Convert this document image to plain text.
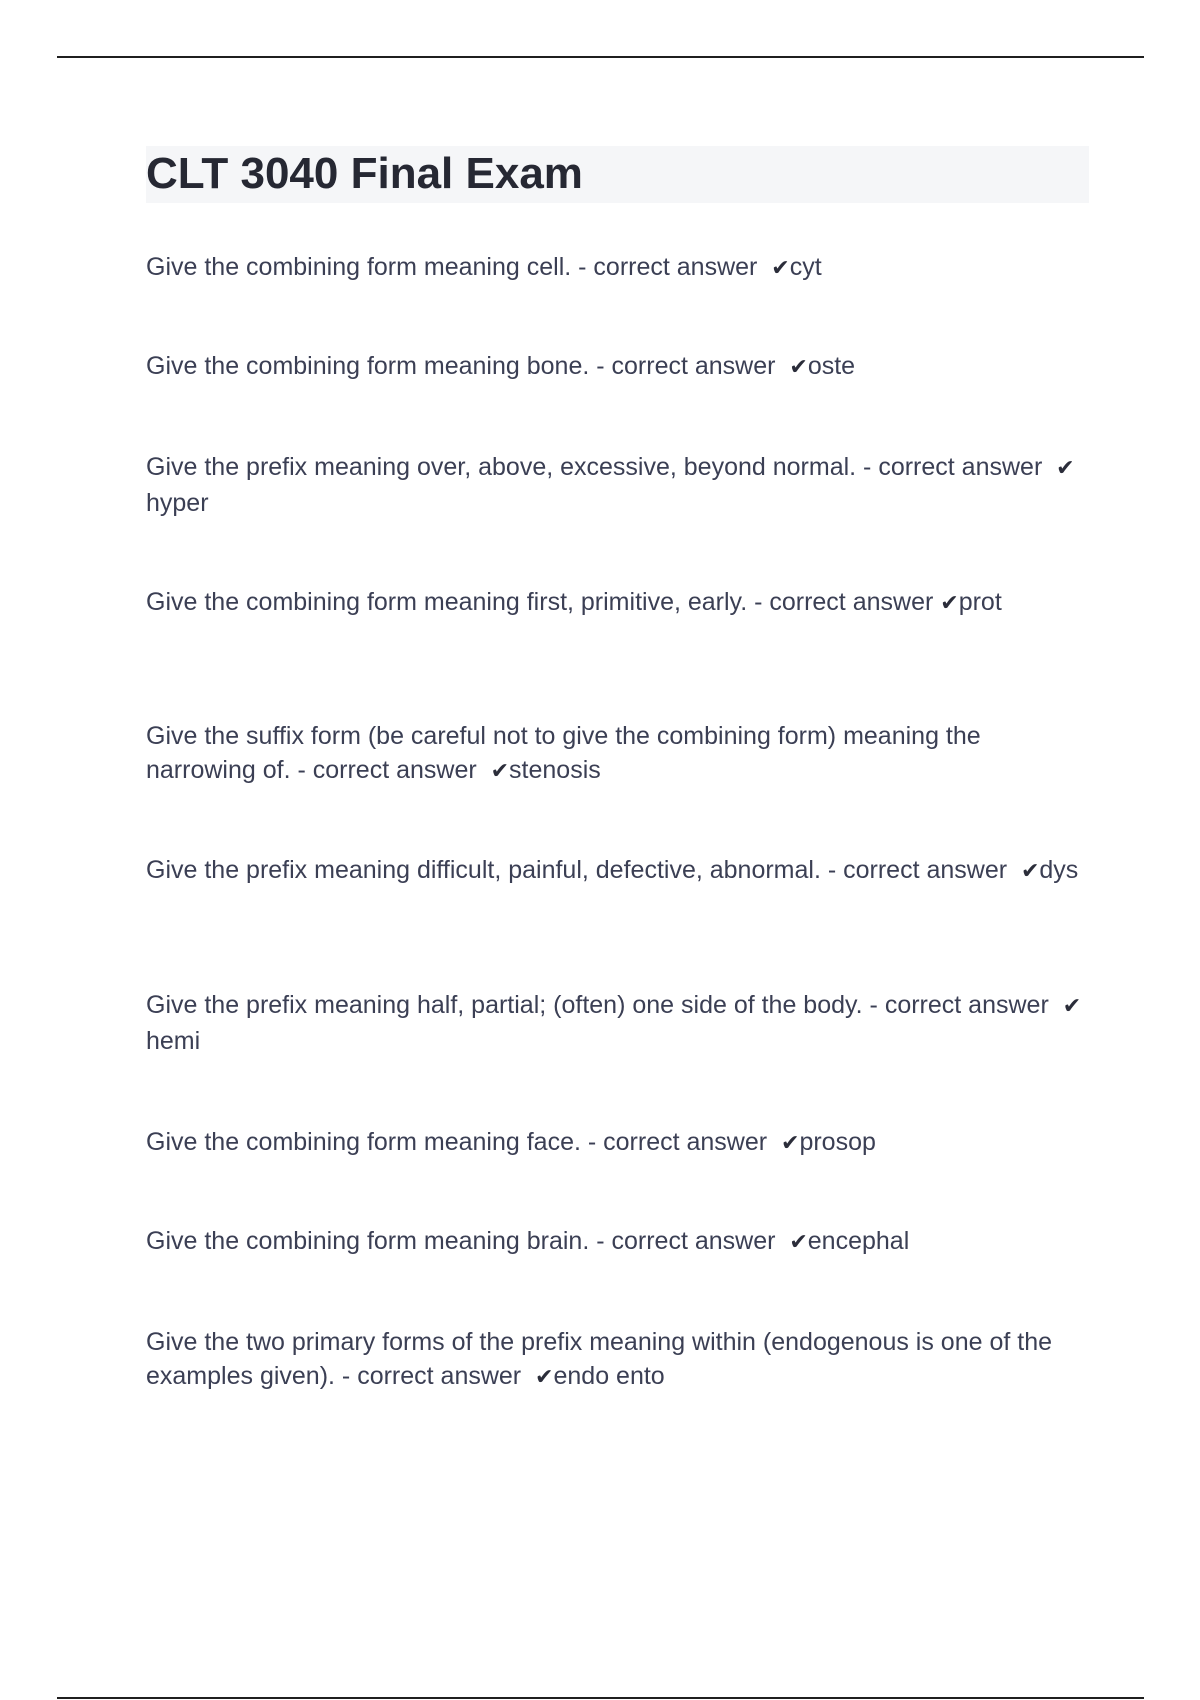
CLT 3040 Final Exam

Give the combining form meaning cell. - correct answer ✔cyt

Give the combining form meaning bone. - correct answer ✔oste

Give the prefix meaning over, above, excessive, beyond normal. - correct answer ✔hyper

Give the combining form meaning first, primitive, early. - correct answer ✔prot

Give the suffix form (be careful not to give the combining form) meaning the narrowing of. - correct answer ✔stenosis

Give the prefix meaning difficult, painful, defective, abnormal. - correct answer ✔dys

Give the prefix meaning half, partial; (often) one side of the body. - correct answer ✔hemi

Give the combining form meaning face. - correct answer ✔prosop

Give the combining form meaning brain. - correct answer ✔encephal

Give the two primary forms of the prefix meaning within (endogenous is one of the examples given). - correct answer ✔endo ento
